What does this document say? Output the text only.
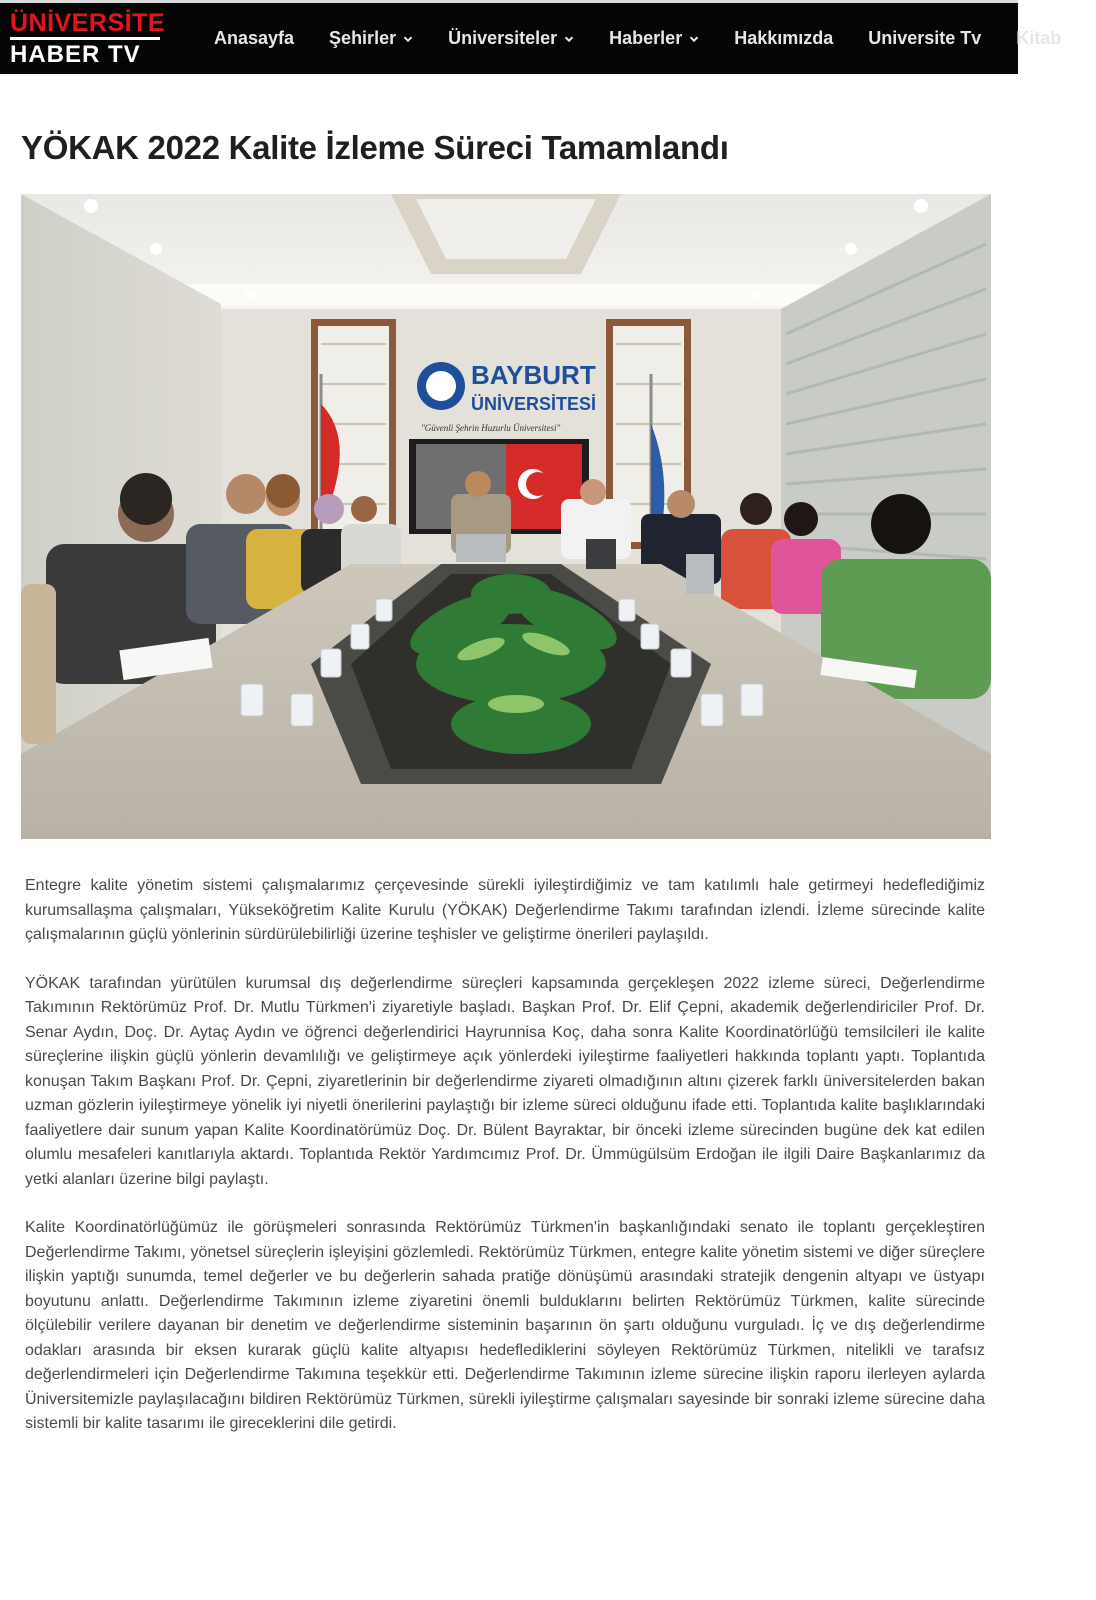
ÜNİVERSİTE
HABER TV
Anasayfa Şehirler	Üniversiteler	Haberler	Hakkımızda Universite Tv Kitab
YÖKAK 2022 Kalite İzleme Süreci Tamamlandı
BAYBURT
ÜNİVERSİTESİ
"Güvenli Şehrin Huzurlu Üniversitesi"

Entegre kalite yönetim sistemi çalışmalarımız çerçevesinde sürekli iyileştirdiğimiz ve tam katılımlı hale getirmeyi hedeflediğimiz kurumsallaşma çalışmaları, Yükseköğretim Kalite Kurulu (YÖKAK) Değerlendirme Takımı tarafından izlendi. İzleme sürecinde kalite çalışmalarının güçlü yönlerinin sürdürülebilirliği üzerine teşhisler ve geliştirme önerileri paylaşıldı.

YÖKAK tarafından yürütülen kurumsal dış değerlendirme süreçleri kapsamında gerçekleşen 2022 izleme süreci, Değerlendirme Takımının Rektörümüz Prof. Dr. Mutlu Türkmen'i ziyaretiyle başladı. Başkan Prof. Dr. Elif Çepni, akademik değerlendiriciler Prof. Dr. Senar Aydın, Doç. Dr. Aytaç Aydın ve öğrenci değerlendirici Hayrunnisa Koç, daha sonra Kalite Koordinatörlüğü temsilcileri ile kalite süreçlerine ilişkin güçlü yönlerin devamlılığı ve geliştirmeye açık yönlerdeki iyileştirme faaliyetleri hakkında toplantı yaptı. Toplantıda konuşan Takım Başkanı Prof. Dr. Çepni, ziyaretlerinin bir değerlendirme ziyareti olmadığının altını çizerek farklı üniversitelerden bakan uzman gözlerin iyileştirmeye yönelik iyi niyetli önerilerini paylaştığı bir izleme süreci olduğunu ifade etti. Toplantıda kalite başlıklarındaki faaliyetlere dair sunum yapan Kalite Koordinatörümüz Doç. Dr. Bülent Bayraktar, bir önceki izleme sürecinden bugüne dek kat edilen olumlu mesafeleri kanıtlarıyla aktardı. Toplantıda Rektör Yardımcımız Prof. Dr. Ümmügülsüm Erdoğan ile ilgili Daire Başkanlarımız da yetki alanları üzerine bilgi paylaştı.

Kalite Koordinatörlüğümüz ile görüşmeleri sonrasında Rektörümüz Türkmen'in başkanlığındaki senato ile toplantı gerçekleştiren Değerlendirme Takımı, yönetsel süreçlerin işleyişini gözlemledi. Rektörümüz Türkmen, entegre kalite yönetim sistemi ve diğer süreçlere ilişkin yaptığı sunumda, temel değerler ve bu değerlerin sahada pratiğe dönüşümü arasındaki stratejik dengenin altyapı ve üstyapı boyutunu anlattı. Değerlendirme Takımının izleme ziyaretini önemli bulduklarını belirten Rektörümüz Türkmen, kalite sürecinde ölçülebilir verilere dayanan bir denetim ve değerlendirme sisteminin başarının ön şartı olduğunu vurguladı. İç ve dış değerlendirme odakları arasında bir eksen kurarak güçlü kalite altyapısı hedeflediklerini söyleyen Rektörümüz Türkmen, nitelikli ve tarafsız değerlendirmeleri için Değerlendirme Takımına teşekkür etti. Değerlendirme Takımının izleme sürecine ilişkin raporu ilerleyen aylarda Üniversitemizle paylaşılacağını bildiren Rektörümüz Türkmen, sürekli iyileştirme çalışmaları sayesinde bir sonraki izleme sürecine daha sistemli bir kalite tasarımı ile gireceklerini dile getirdi.
